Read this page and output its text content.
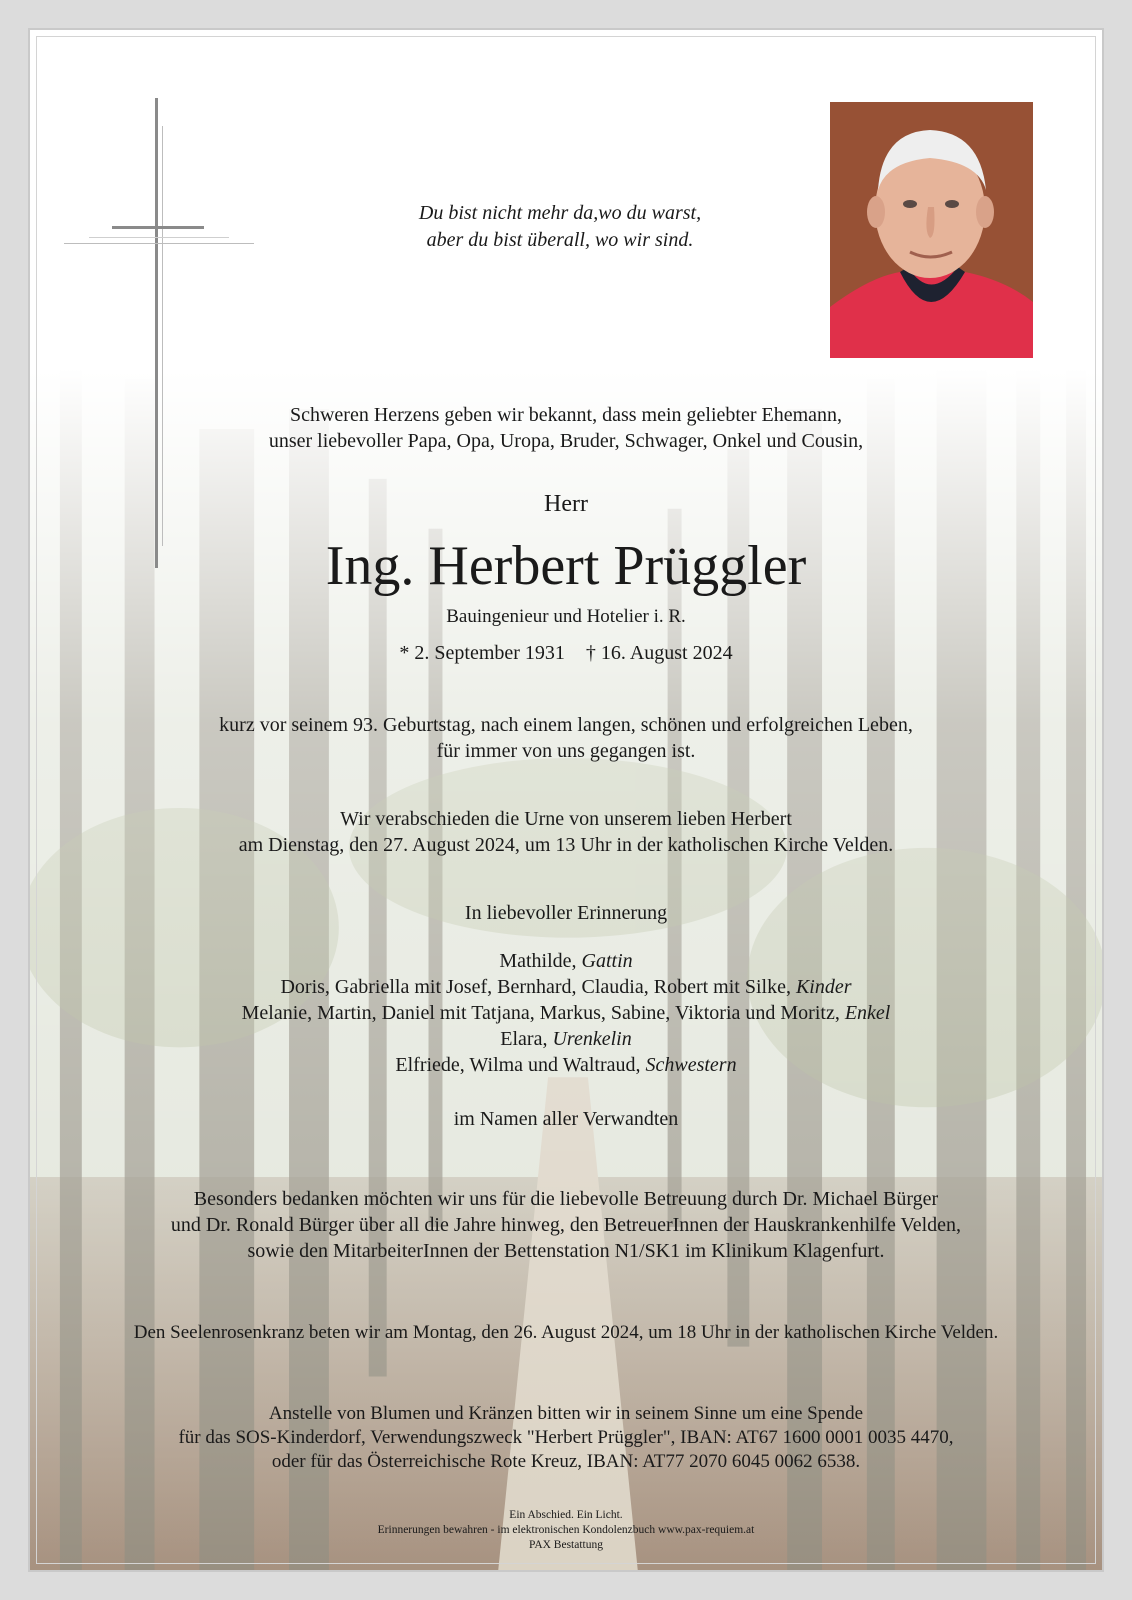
Du bist nicht mehr da,wo du warst,
aber du bist überall, wo wir sind.
Schweren Herzens geben wir bekannt, dass mein geliebter Ehemann,
unser liebevoller Papa, Opa, Uropa, Bruder, Schwager, Onkel und Cousin,
Herr
Ing. Herbert Prüggler
Bauingenieur und Hotelier i. R.
* 2. September 1931 † 16. August 2024
kurz vor seinem 93. Geburtstag, nach einem langen, schönen und erfolgreichen Leben,
für immer von uns gegangen ist.
Wir verabschieden die Urne von unserem lieben Herbert
am Dienstag, den 27. August 2024, um 13 Uhr in der katholischen Kirche Velden.
In liebevoller Erinnerung
Mathilde, Gattin
Doris, Gabriella mit Josef, Bernhard, Claudia, Robert mit Silke, Kinder
Melanie, Martin, Daniel mit Tatjana, Markus, Sabine, Viktoria und Moritz, Enkel
Elara, Urenkelin
Elfriede, Wilma und Waltraud, Schwestern
im Namen aller Verwandten
Besonders bedanken möchten wir uns für die liebevolle Betreuung durch Dr. Michael Bürger
und Dr. Ronald Bürger über all die Jahre hinweg, den BetreuerInnen der Hauskrankenhilfe Velden,
sowie den MitarbeiterInnen der Bettenstation N1/SK1 im Klinikum Klagenfurt.
Den Seelenrosenkranz beten wir am Montag, den 26. August 2024, um 18 Uhr in der katholischen Kirche Velden.
Anstelle von Blumen und Kränzen bitten wir in seinem Sinne um eine Spende
für das SOS-Kinderdorf, Verwendungszweck "Herbert Prüggler", IBAN: AT67 1600 0001 0035 4470,
oder für das Österreichische Rote Kreuz, IBAN: AT77 2070 6045 0062 6538.
Ein Abschied. Ein Licht.
Erinnerungen bewahren - im elektronischen Kondolenzbuch www.pax-requiem.at
PAX Bestattung
